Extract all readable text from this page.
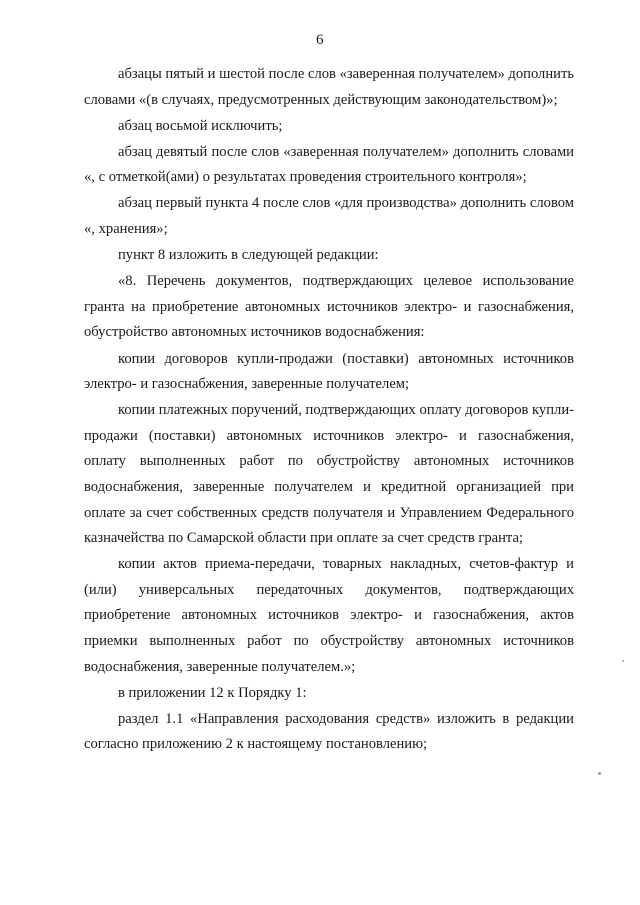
6

абзацы пятый и шестой после слов «заверенная получателем» дополнить словами «(в случаях, предусмотренных действующим законодательством)»;

абзац восьмой исключить;

абзац девятый после слов «заверенная получателем» дополнить словами «, с отметкой(ами) о результатах проведения строительного контроля»;

абзац первый пункта 4 после слов «для производства» дополнить словом «, хранения»;

пункт 8 изложить в следующей редакции:

«8. Перечень документов, подтверждающих целевое использование гранта на приобретение автономных источников электро- и газоснабжения, обустройство автономных источников водоснабжения:

копии договоров купли-продажи (поставки) автономных источников электро- и газоснабжения, заверенные получателем;

копии платежных поручений, подтверждающих оплату договоров купли-продажи (поставки) автономных источников электро- и газоснабжения, оплату выполненных работ по обустройству автономных источников водоснабжения, заверенные получателем и кредитной организацией при оплате за счет собственных средств получателя и Управлением Федерального казначейства по Самарской области при оплате за счет средств гранта;

копии актов приема-передачи, товарных накладных, счетов-фактур и (или) универсальных передаточных документов, подтверждающих приобретение автономных источников электро- и газоснабжения, актов приемки выполненных работ по обустройству автономных источников водоснабжения, заверенные получателем.»;

в приложении 12 к Порядку 1:

раздел 1.1 «Направления расходования средств» изложить в редакции согласно приложению 2 к настоящему постановлению;
